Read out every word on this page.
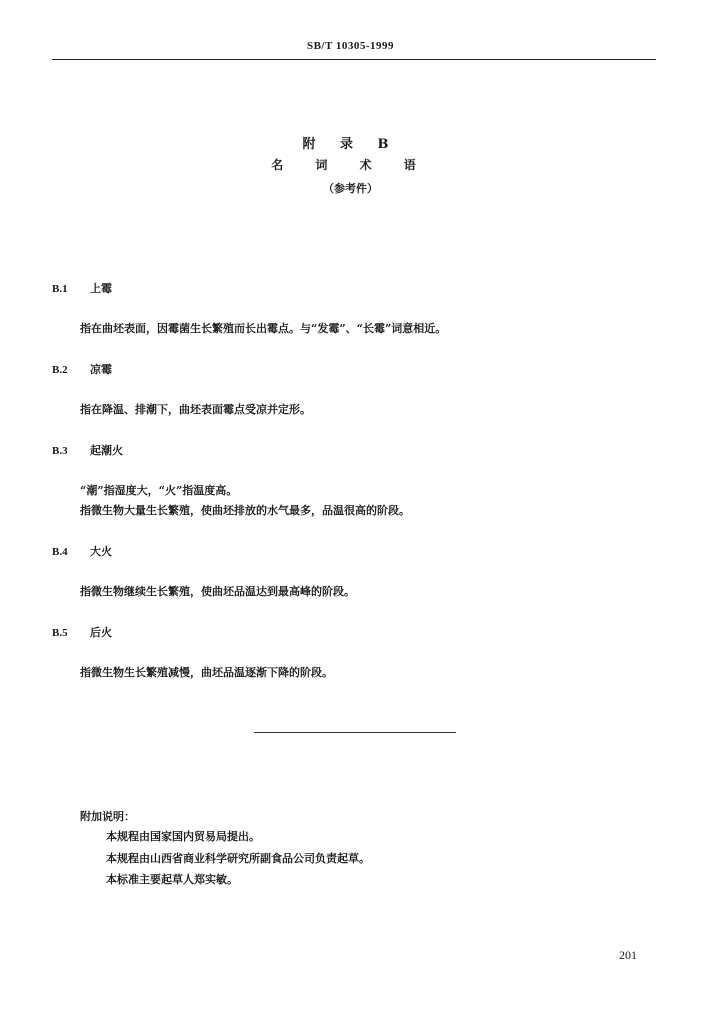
SB/T 10305-1999
附 录 B
名 词 术 语
（参考件）
B.1 上霉
指在曲坯表面，因霉菌生长繁殖而长出霉点。与“发霉”、“长霉”词意相近。
B.2 凉霉
指在降温、排潮下，曲坯表面霉点受凉并定形。
B.3 起潮火
“潮”指湿度大，“火”指温度高。
指微生物大量生长繁殖，使曲坯排放的水气最多，品温很高的阶段。
B.4 大火
指微生物继续生长繁殖，使曲坯品温达到最高峰的阶段。
B.5 后火
指微生物生长繁殖减慢，曲坯品温逐渐下降的阶段。
附加说明：
本规程由国家国内贸易局提出。
本规程由山西省商业科学研究所副食品公司负责起草。
本标准主要起草人郑实敏。
201
